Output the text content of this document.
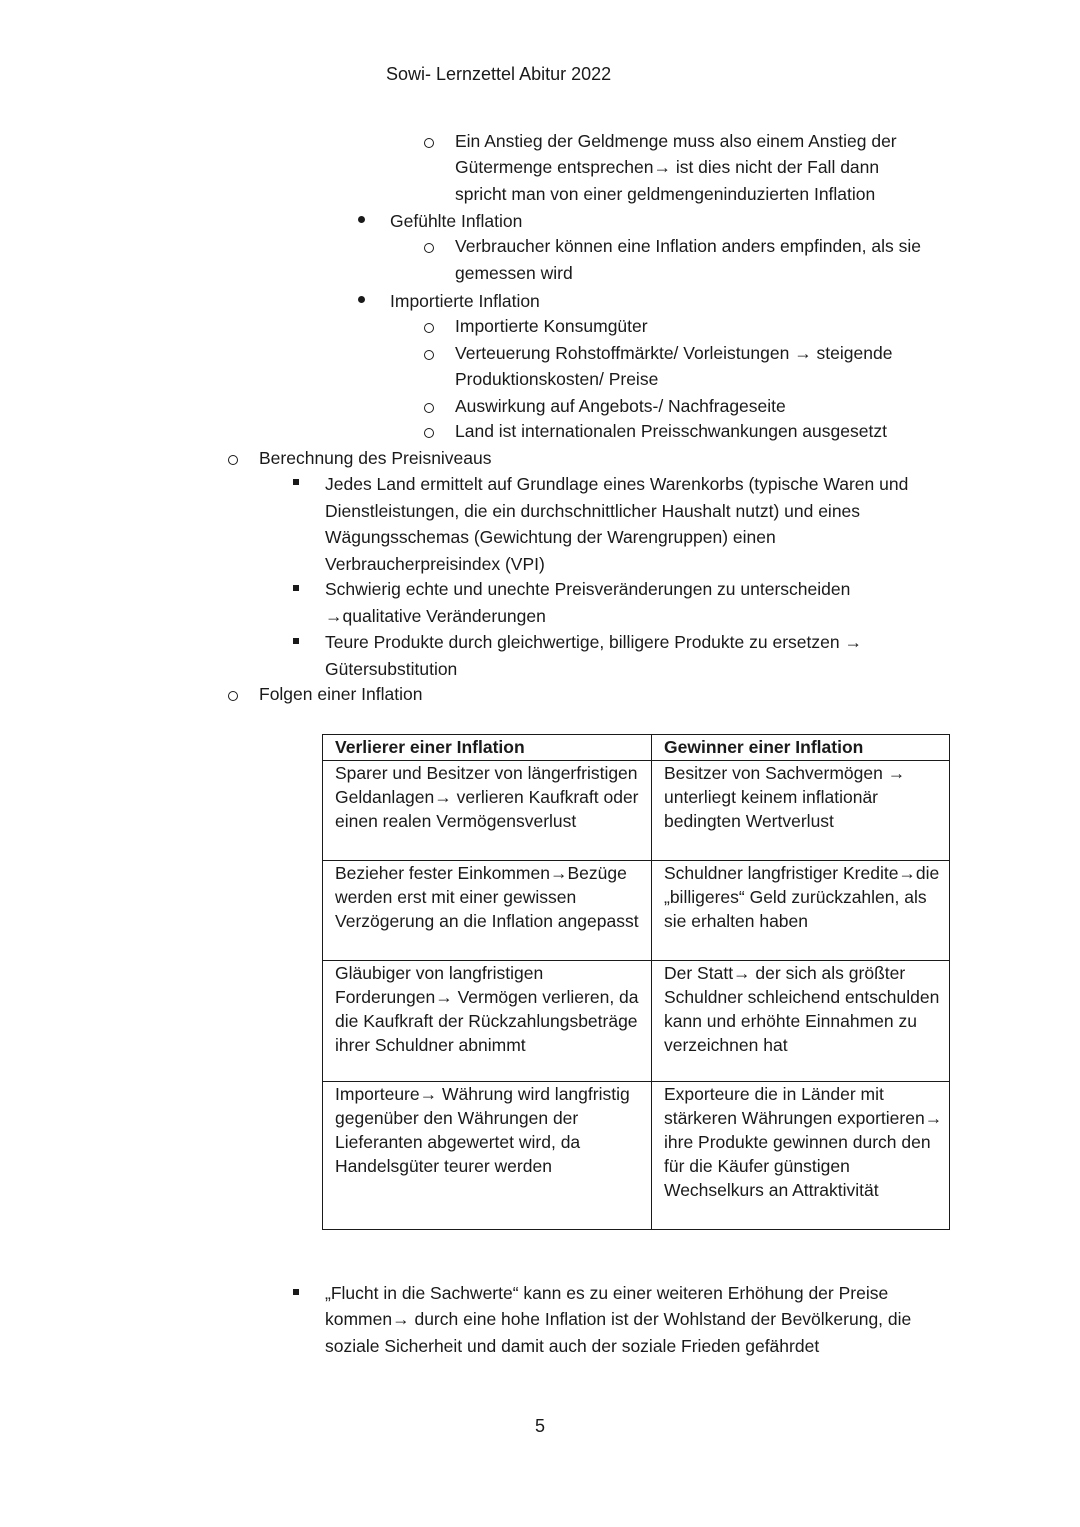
Sowi- Lernzettel Abitur 2022
Ein Anstieg der Geldmenge muss also einem Anstieg der
Gütermenge entsprechen→ ist dies nicht der Fall dann
spricht man von einer geldmengeninduzierten Inflation
Gefühlte Inflation
Verbraucher können eine Inflation anders empfinden, als sie
gemessen wird
Importierte Inflation
Importierte Konsumgüter
Verteuerung Rohstoffmärkte/ Vorleistungen → steigende
Produktionskosten/ Preise
Auswirkung auf Angebots-/ Nachfrageseite
Land ist internationalen Preisschwankungen ausgesetzt
Berechnung des Preisniveaus
Jedes Land ermittelt auf Grundlage eines Warenkorbs (typische Waren und
Dienstleistungen, die ein durchschnittlicher Haushalt nutzt) und eines
Wägungsschemas (Gewichtung der Warengruppen) einen
Verbraucherpreisindex (VPI)
Schwierig echte und unechte Preisveränderungen zu unterscheiden
→qualitative Veränderungen
Teure Produkte durch gleichwertige, billigere Produkte zu ersetzen →
Gütersubstitution
Folgen einer Inflation
Verlierer einer Inflation	Gewinner einer Inflation
Sparer und Besitzer von längerfristigen Geldanlagen→ verlieren Kaufkraft oder einen realen Vermögensverlust	Besitzer von Sachvermögen → unterliegt keinem inflationär bedingten Wertverlust
Bezieher fester Einkommen→Bezüge werden erst mit einer gewissen Verzögerung an die Inflation angepasst	Schuldner langfristiger Kredite→die „billigeres“ Geld zurückzahlen, als sie erhalten haben
Gläubiger von langfristigen Forderungen→ Vermögen verlieren, da die Kaufkraft der Rückzahlungsbeträge ihrer Schuldner abnimmt	Der Statt→ der sich als größter Schuldner schleichend entschulden kann und erhöhte Einnahmen zu verzeichnen hat
Importeure→ Währung wird langfristig gegenüber den Währungen der Lieferanten abgewertet wird, da Handelsgüter teurer werden	Exporteure die in Länder mit stärkeren Währungen exportieren→ ihre Produkte gewinnen durch den für die Käufer günstigen Wechselkurs an Attraktivität
„Flucht in die Sachwerte“ kann es zu einer weiteren Erhöhung der Preise
kommen→ durch eine hohe Inflation ist der Wohlstand der Bevölkerung, die
soziale Sicherheit und damit auch der soziale Frieden gefährdet
5
